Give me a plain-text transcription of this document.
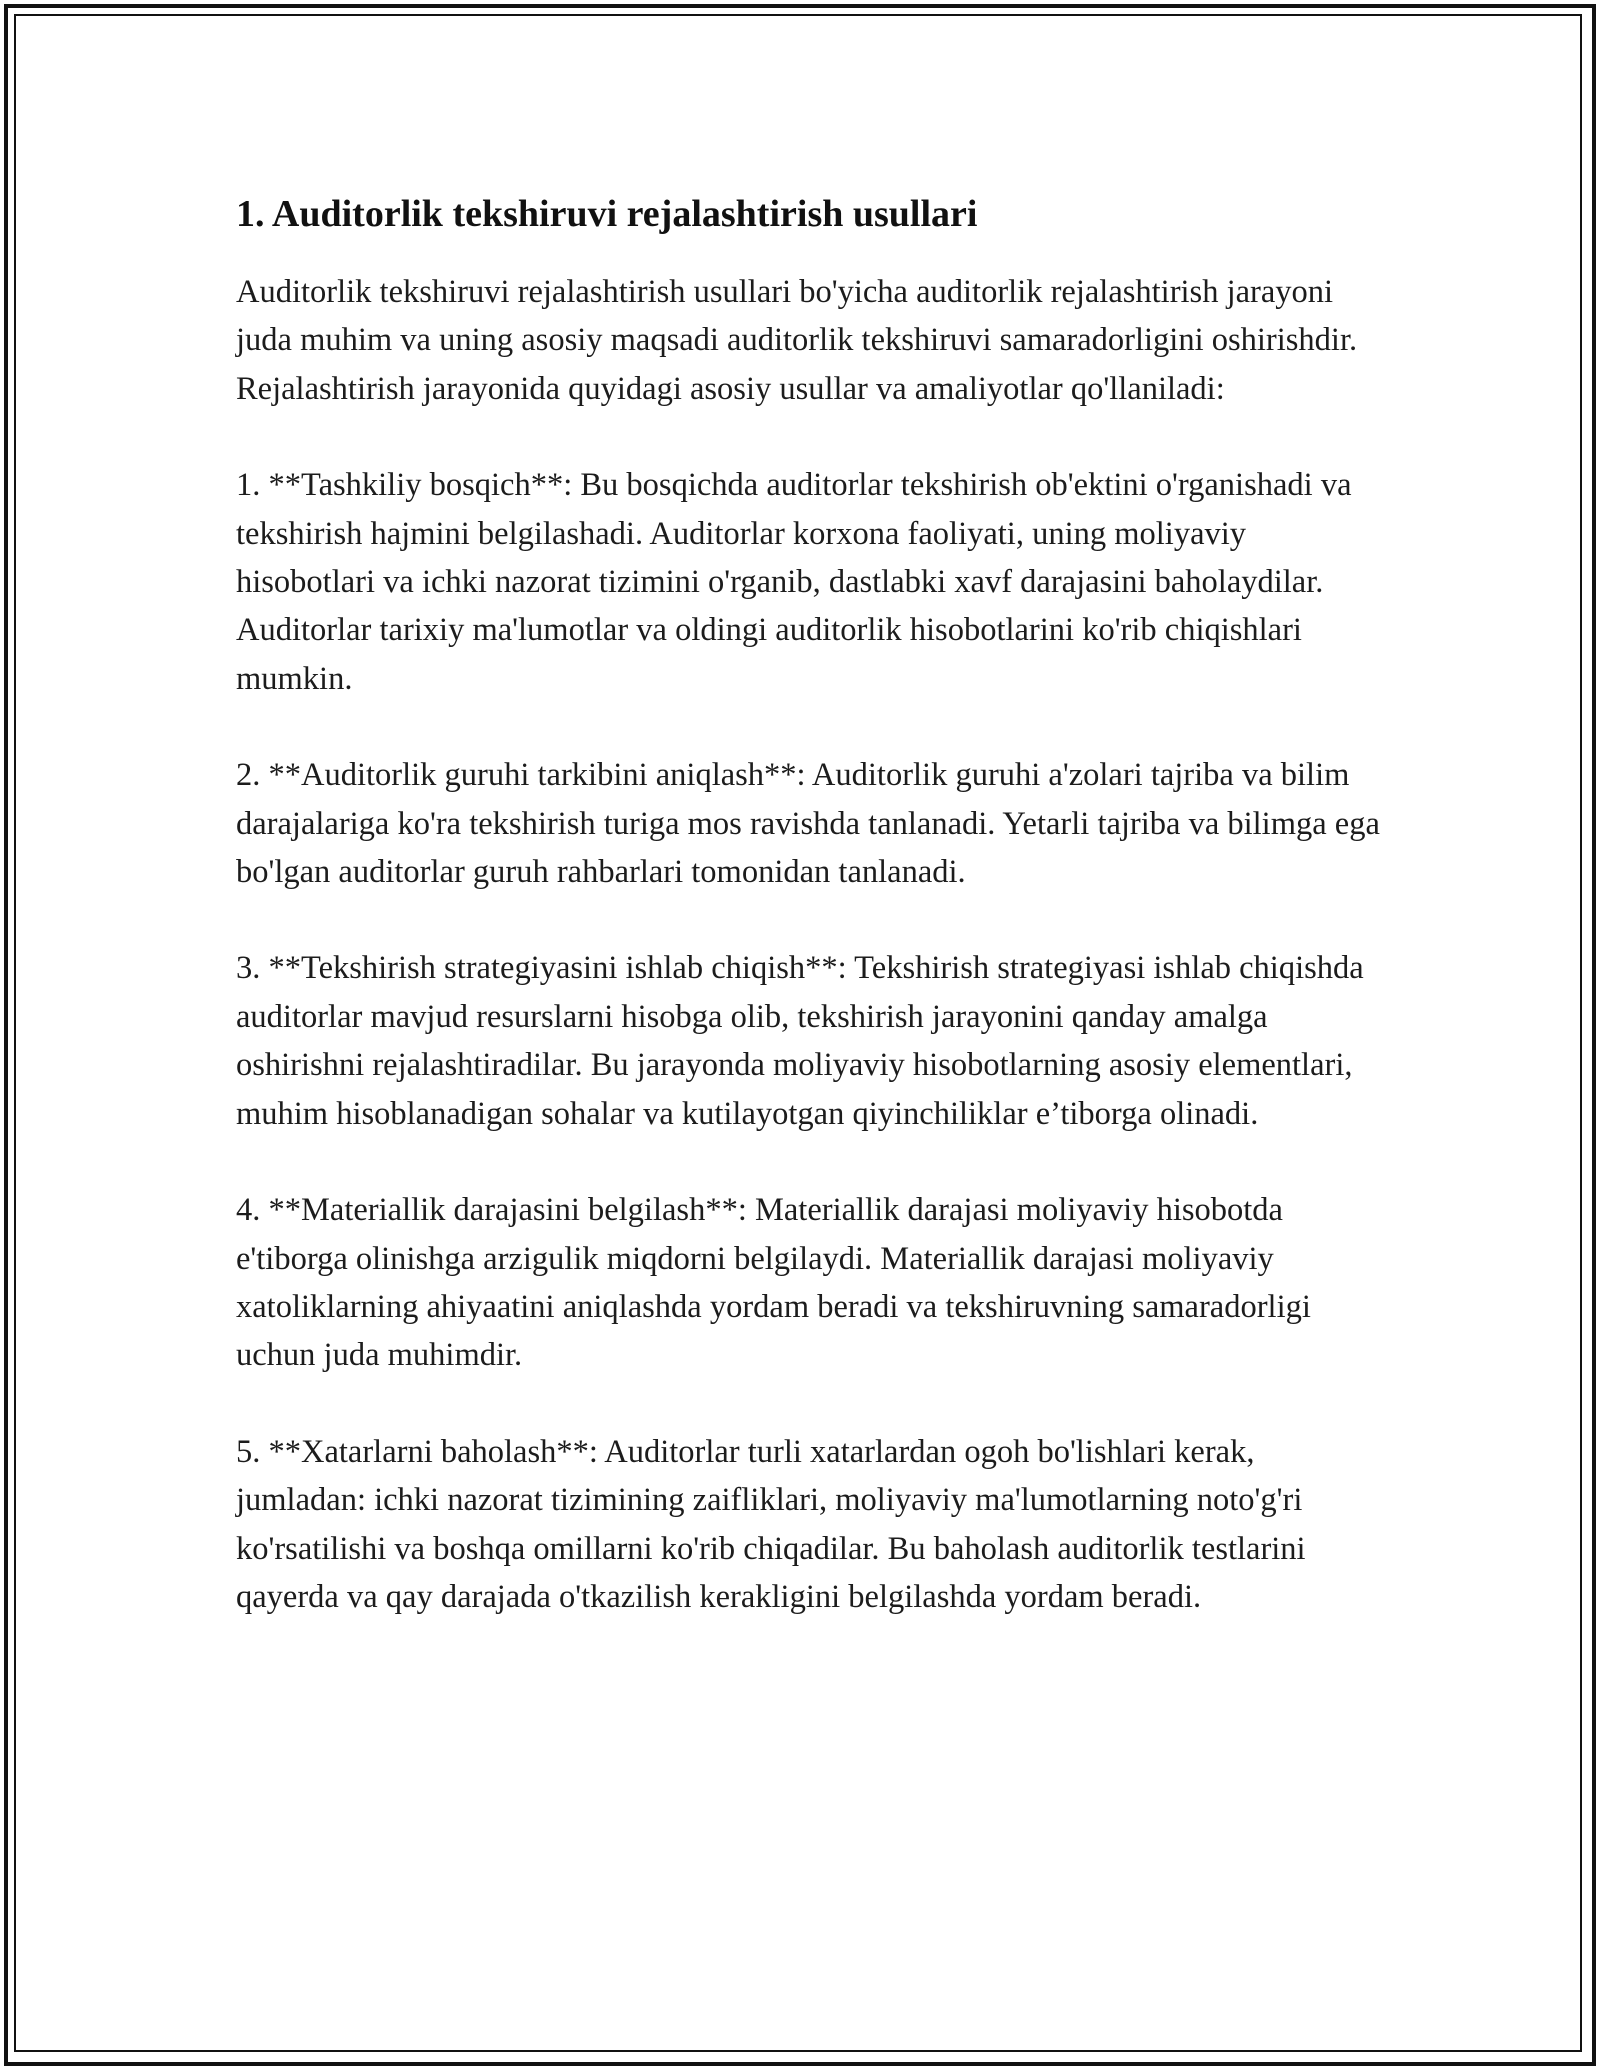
1. Auditorlik tekshiruvi rejalashtirish usullari

Auditorlik tekshiruvi rejalashtirish usullari bo'yicha auditorlik rejalashtirish jarayoni juda muhim va uning asosiy maqsadi auditorlik tekshiruvi samaradorligini oshirishdir. Rejalashtirish jarayonida quyidagi asosiy usullar va amaliyotlar qo'llaniladi:

1. **Tashkiliy bosqich**: Bu bosqichda auditorlar tekshirish ob'ektini o'rganishadi va tekshirish hajmini belgilashadi. Auditorlar korxona faoliyati, uning moliyaviy hisobotlari va ichki nazorat tizimini o'rganib, dastlabki xavf darajasini baholaydilar. Auditorlar tarixiy ma'lumotlar va oldingi auditorlik hisobotlarini ko'rib chiqishlari mumkin.

2. **Auditorlik guruhi tarkibini aniqlash**: Auditorlik guruhi a'zolari tajriba va bilim darajalariga ko'ra tekshirish turiga mos ravishda tanlanadi. Yetarli tajriba va bilimga ega bo'lgan auditorlar guruh rahbarlari tomonidan tanlanadi.

3. **Tekshirish strategiyasini ishlab chiqish**: Tekshirish strategiyasi ishlab chiqishda auditorlar mavjud resurslarni hisobga olib, tekshirish jarayonini qanday amalga oshirishni rejalashtiradilar. Bu jarayonda moliyaviy hisobotlarning asosiy elementlari, muhim hisoblanadigan sohalar va kutilayotgan qiyinchiliklar e’tiborga olinadi.

4. **Materiallik darajasini belgilash**: Materiallik darajasi moliyaviy hisobotda e'tiborga olinishga arzigulik miqdorni belgilaydi. Materiallik darajasi moliyaviy xatoliklarning ahiyaatini aniqlashda yordam beradi va tekshiruvning samaradorligi uchun juda muhimdir.

5. **Xatarlarni baholash**: Auditorlar turli xatarlardan ogoh bo'lishlari kerak, jumladan: ichki nazorat tizimining zaifliklari, moliyaviy ma'lumotlarning noto'g'ri ko'rsatilishi va boshqa omillarni ko'rib chiqadilar. Bu baholash auditorlik testlarini qayerda va qay darajada o'tkazilish kerakligini belgilashda yordam beradi.
